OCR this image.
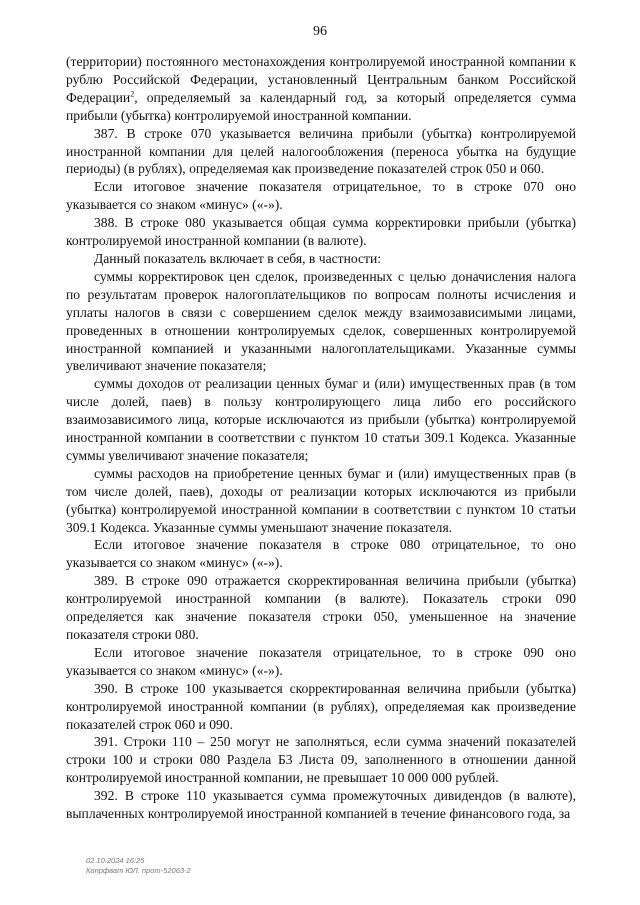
96

(территории) постоянного местонахождения контролируемой иностранной компании к рублю Российской Федерации, установленный Центральным банком Российской Федерации$^2$, определяемый за календарный год, за который определяется сумма прибыли (убытка) контролируемой иностранной компании.

387. В строке 070 указывается величина прибыли (убытка) контролируемой иностранной компании для целей налогообложения (переноса убытка на будущие периоды) (в рублях), определяемая как произведение показателей строк 050 и 060.

Если итоговое значение показателя отрицательное, то в строке 070 оно указывается со знаком «минус» («-»).

388. В строке 080 указывается общая сумма корректировки прибыли (убытка) контролируемой иностранной компании (в валюте).

Данный показатель включает в себя, в частности:

суммы корректировок цен сделок, произведенных с целью доначисления налога по результатам проверок налогоплательщиков по вопросам полноты исчисления и уплаты налогов в связи с совершением сделок между взаимозависимыми лицами, проведенных в отношении контролируемых сделок, совершенных контролируемой иностранной компанией и указанными налогоплательщиками. Указанные суммы увеличивают значение показателя;

суммы доходов от реализации ценных бумаг и (или) имущественных прав (в том числе долей, паев) в пользу контролирующего лица либо его российского взаимозависимого лица, которые исключаются из прибыли (убытка) контролируемой иностранной компании в соответствии с пунктом 10 статьи 309.1 Кодекса. Указанные суммы увеличивают значение показателя;

суммы расходов на приобретение ценных бумаг и (или) имущественных прав (в том числе долей, паев), доходы от реализации которых исключаются из прибыли (убытка) контролируемой иностранной компании в соответствии с пунктом 10 статьи 309.1 Кодекса. Указанные суммы уменьшают значение показателя.

Если итоговое значение показателя в строке 080 отрицательное, то оно указывается со знаком «минус» («-»).

389. В строке 090 отражается скорректированная величина прибыли (убытка) контролируемой иностранной компании (в валюте). Показатель строки 090 определяется как значение показателя строки 050, уменьшенное на значение показателя строки 080.

Если итоговое значение показателя отрицательное, то в строке 090 оно указывается со знаком «минус» («-»).

390. В строке 100 указывается скорректированная величина прибыли (убытка) контролируемой иностранной компании (в рублях), определяемая как произведение показателей строк 060 и 090.

391. Строки 110 – 250 могут не заполняться, если сумма значений показателей строки 100 и строки 080 Раздела Б3 Листа 09, заполненного в отношении данной контролируемой иностранной компании, не превышает 10 000 000 рублей.

392. В строке 110 указывается сумма промежуточных дивидендов (в валюте), выплаченных контролируемой иностранной компанией в течение финансового года, за

02.10.2024 16:25
Копрфват ЮЛ. прот-52063-2
